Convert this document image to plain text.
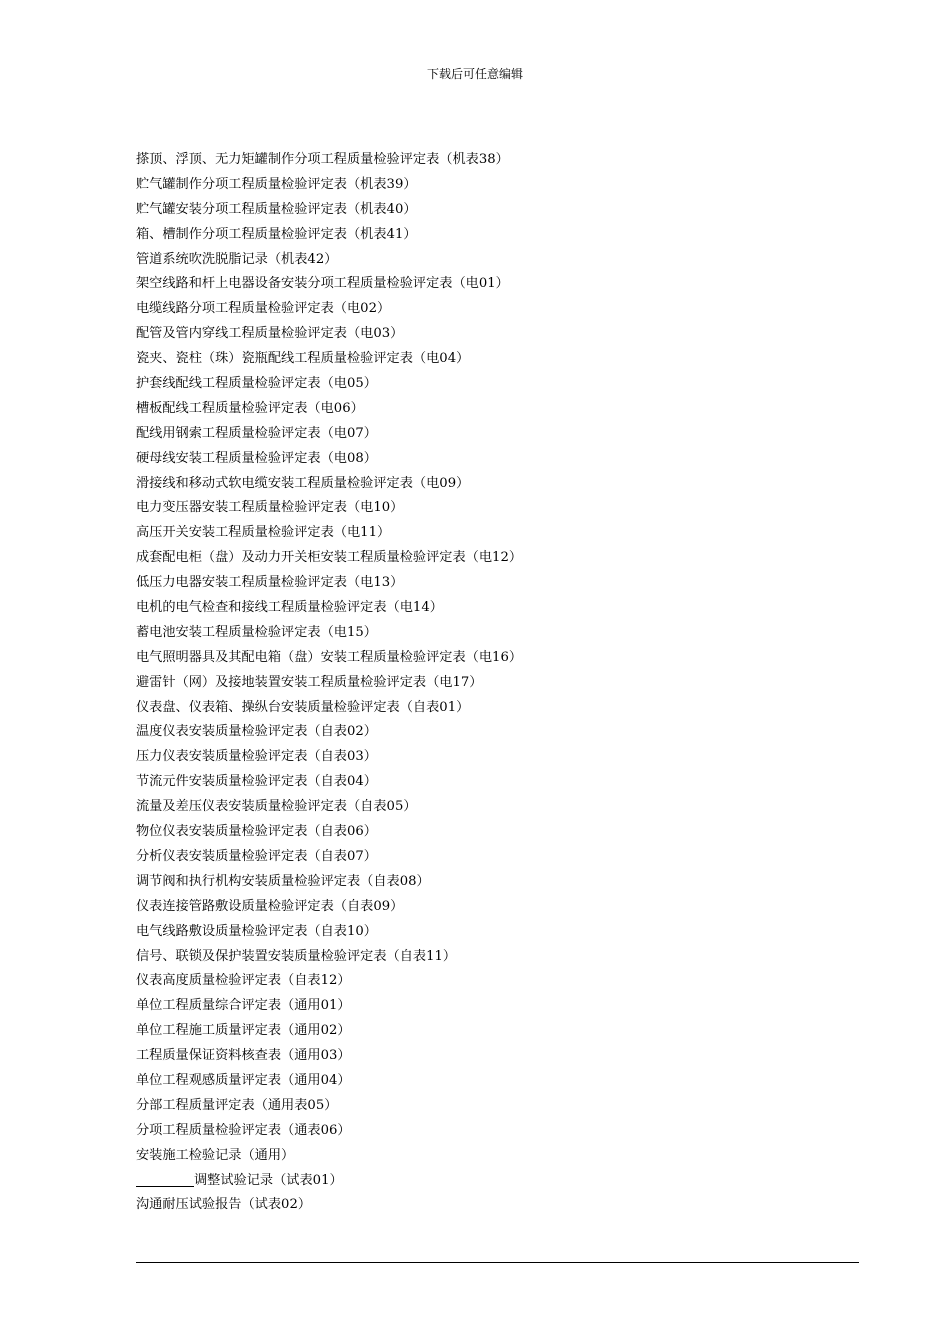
下载后可任意编辑
搽顶、浮顶、无力矩罐制作分项工程质量检验评定表（机表38）
贮气罐制作分项工程质量检验评定表（机表39）
贮气罐安装分项工程质量检验评定表（机表40）
箱、槽制作分项工程质量检验评定表（机表41）
管道系统吹洗脱脂记录（机表42）
架空线路和杆上电器设备安装分项工程质量检验评定表（电01）
电缆线路分项工程质量检验评定表（电02）
配管及管内穿线工程质量检验评定表（电03）
瓷夹、瓷柱（珠）瓷瓶配线工程质量检验评定表（电04）
护套线配线工程质量检验评定表（电05）
槽板配线工程质量检验评定表（电06）
配线用钢索工程质量检验评定表（电07）
硬母线安装工程质量检验评定表（电08）
滑接线和移动式软电缆安装工程质量检验评定表（电09）
电力变压器安装工程质量检验评定表（电10）
高压开关安装工程质量检验评定表（电11）
成套配电柜（盘）及动力开关柜安装工程质量检验评定表（电12）
低压力电器安装工程质量检验评定表（电13）
电机的电气检查和接线工程质量检验评定表（电14）
蓄电池安装工程质量检验评定表（电15）
电气照明器具及其配电箱（盘）安装工程质量检验评定表（电16）
避雷针（网）及接地装置安装工程质量检验评定表（电17）
仪表盘、仪表箱、操纵台安装质量检验评定表（自表01）
温度仪表安装质量检验评定表（自表02）
压力仪表安装质量检验评定表（自表03）
节流元件安装质量检验评定表（自表04）
流量及差压仪表安装质量检验评定表（自表05）
物位仪表安装质量检验评定表（自表06）
分析仪表安装质量检验评定表（自表07）
调节阀和执行机构安装质量检验评定表（自表08）
仪表连接管路敷设质量检验评定表（自表09）
电气线路敷设质量检验评定表（自表10）
信号、联锁及保护装置安装质量检验评定表（自表11）
仪表高度质量检验评定表（自表12）
单位工程质量综合评定表（通用01）
单位工程施工质量评定表（通用02）
工程质量保证资料核查表（通用03）
单位工程观感质量评定表（通用04）
分部工程质量评定表（通用表05）
分项工程质量检验评定表（通表06）
安装施工检验记录（通用）
调整试验记录（试表01）
沟通耐压试验报告（试表02）
